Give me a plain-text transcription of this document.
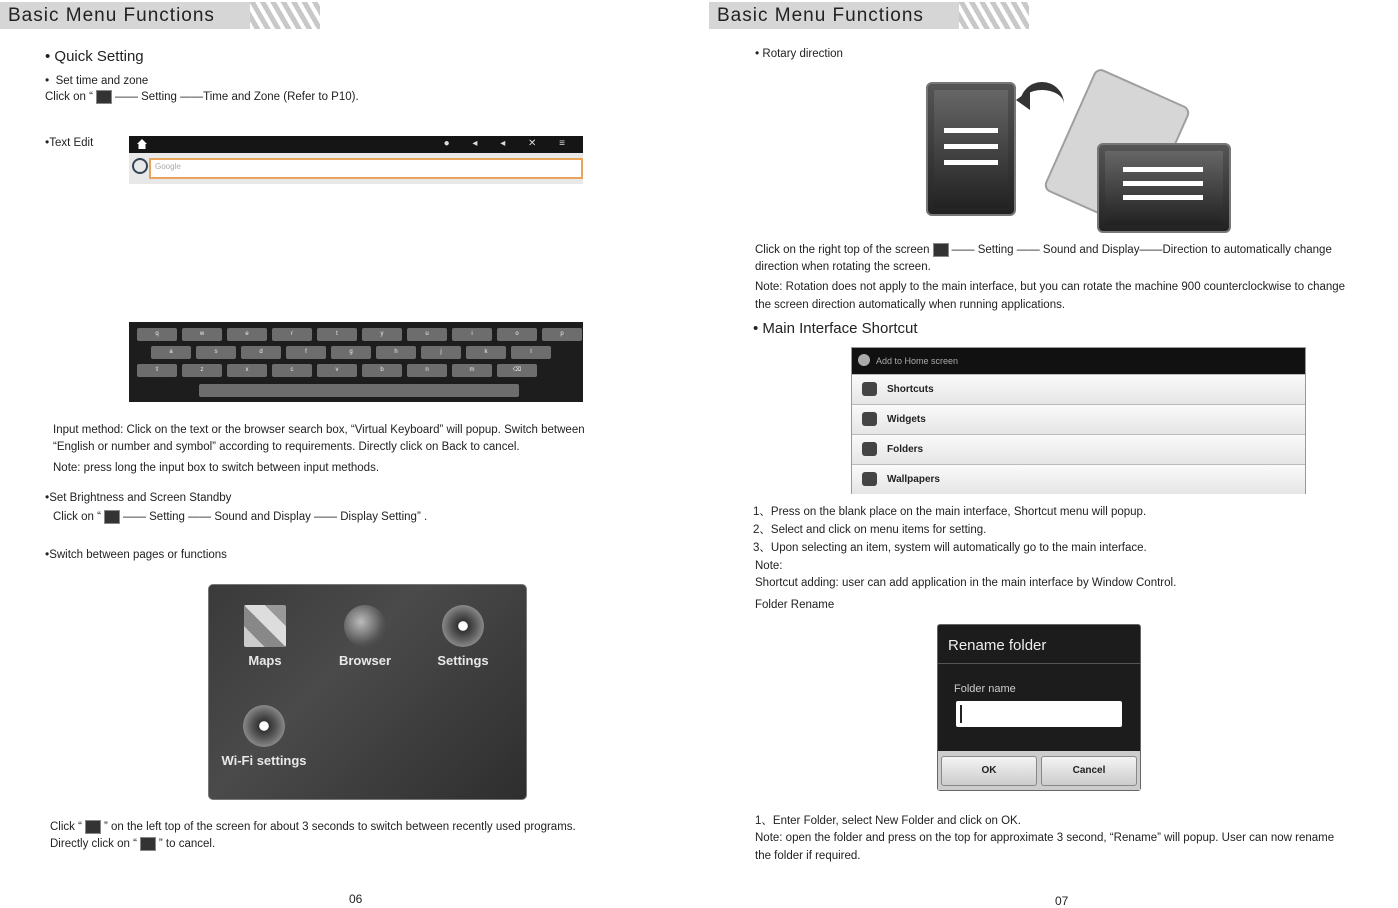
Basic Menu Functions
• Quick Setting
• Set time and zone
Click on “ —— Setting ——Time and Zone (Refer to P10).
•Text Edit	● ◂ ◂ ✕ ≡
Google
q	w	e	r	t	y	u	i	o	p
a	s	d	f	g	h	j	k	l
⇧	z	x	c	v	b	n	m	⌫
Input method: Click on the text or the browser search box, “Virtual Keyboard” will popup. Switch between
“English or number and symbol” according to requirements. Directly click on Back to cancel.
Note: press long the input box to switch between input methods.
•Set Brightness and Screen Standby
Click on “ —— Setting —— Sound and Display —— Display Setting” .
•Switch between pages or functions
Maps	Browser	Settings
Wi-Fi settings
Click “ ” on the left top of the screen for about 3 seconds to switch between recently used programs.
Directly click on “ ” to cancel.
06
Basic Menu Functions
• Rotary direction
Click on the right top of the screen —— Setting —— Sound and Display——Direction to automatically change
direction when rotating the screen.
Note: Rotation does not apply to the main interface, but you can rotate the machine 900 counterclockwise to change
the screen direction automatically when running applications.
• Main Interface Shortcut
Add to Home screen
Shortcuts
Widgets
Folders
Wallpapers
1、Press on the blank place on the main interface, Shortcut menu will popup.
2、Select and click on menu items for setting.
3、Upon selecting an item, system will automatically go to the main interface.
Note:
Shortcut adding: user can add application in the main interface by Window Control.
Folder Rename
Rename folder
Folder name
OK	Cancel
1、Enter Folder, select New Folder and click on OK.
Note: open the folder and press on the top for approximate 3 second, “Rename” will popup. User can now rename
the folder if required.
07
